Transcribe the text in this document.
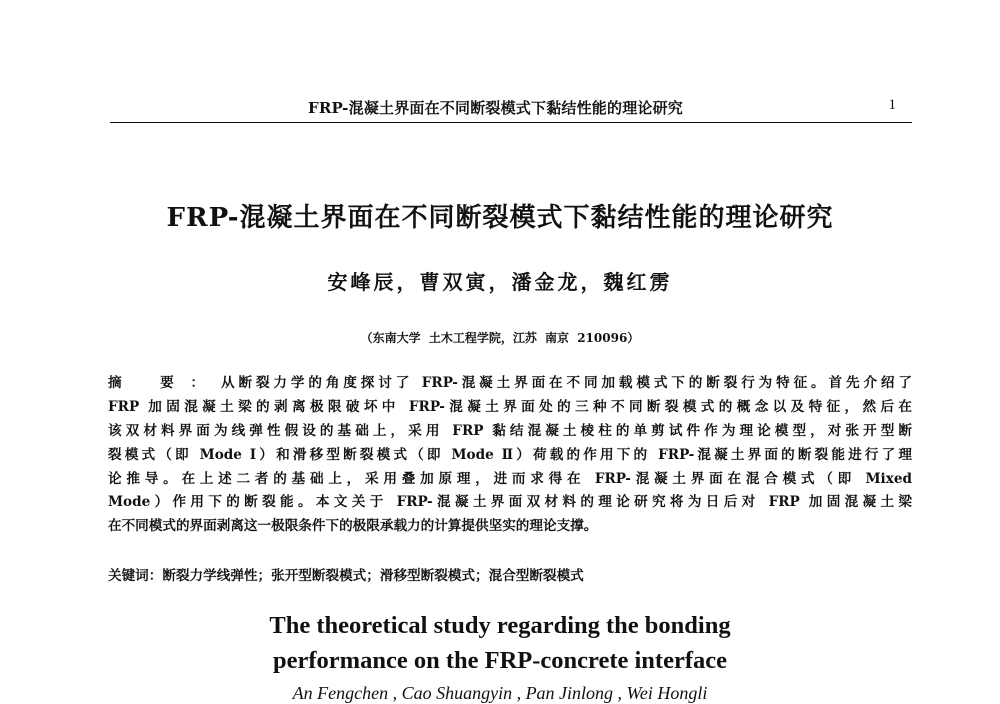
FRP-混凝土界面在不同断裂模式下黏结性能的理论研究	1
FRP-混凝土界面在不同断裂模式下黏结性能的理论研究
安峰辰，曹双寅，潘金龙，魏红雳
（东南大学 土木工程学院，江苏 南京 210096）
摘 要：从断裂力学的角度探讨了 FRP-混凝土界面在不同加载模式下的断裂行为特征。首先介绍了
FRP 加固混凝土梁的剥离极限破坏中 FRP-混凝土界面处的三种不同断裂模式的概念以及特征，然后在
该双材料界面为线弹性假设的基础上，采用 FRP 黏结混凝土棱柱的单剪试件作为理论模型，对张开型断
裂模式（即 Mode Ⅰ）和滑移型断裂模式（即 Mode Ⅱ）荷载的作用下的 FRP-混凝土界面的断裂能进行了理
论推导。在上述二者的基础上，采用叠加原理，进而求得在 FRP-混凝土界面在混合模式（即 Mixed
Mode）作用下的断裂能。本文关于 FRP-混凝土界面双材料的理论研究将为日后对 FRP 加固混凝土梁
在不同模式的界面剥离这一极限条件下的极限承载力的计算提供坚实的理论支撑。
关键词：断裂力学线弹性；张开型断裂模式；滑移型断裂模式；混合型断裂模式
The theoretical study regarding the bonding
performance on the FRP-concrete interface
An Fengchen , Cao Shuangyin , Pan Jinlong , Wei Hongli
